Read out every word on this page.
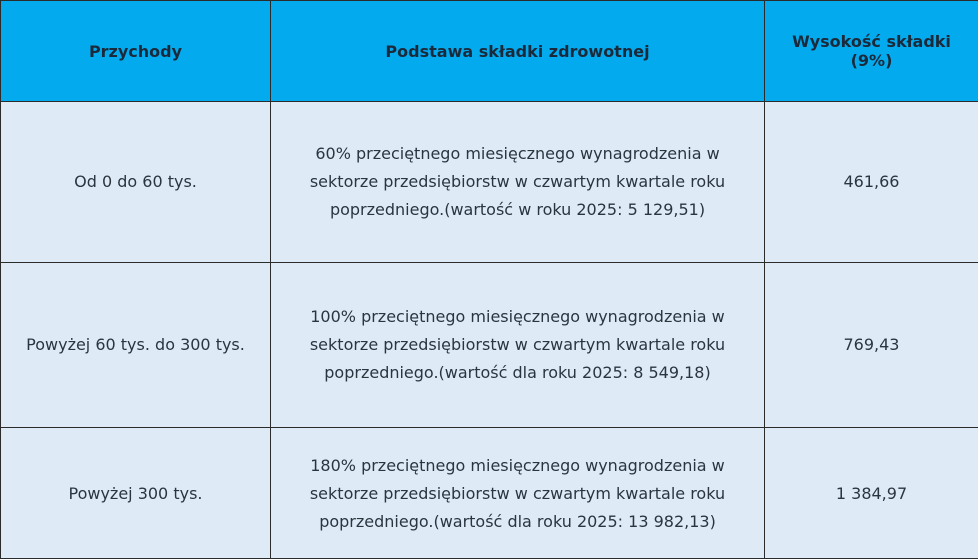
Przychody	Podstawa składki zdrowotnej	Wysokość składki (9%)
Od 0 do 60 tys.	60% przeciętnego miesięcznego wynagrodzenia w sektorze przedsiębiorstw w czwartym kwartale roku poprzedniego.(wartość w roku 2025: 5 129,51)	461,66
Powyżej 60 tys. do 300 tys.	100% przeciętnego miesięcznego wynagrodzenia w sektorze przedsiębiorstw w czwartym kwartale roku poprzedniego.(wartość dla roku 2025: 8 549,18)	769,43
Powyżej 300 tys.	180% przeciętnego miesięcznego wynagrodzenia w sektorze przedsiębiorstw w czwartym kwartale roku poprzedniego.(wartość dla roku 2025: 13 982,13)	1 384,97
